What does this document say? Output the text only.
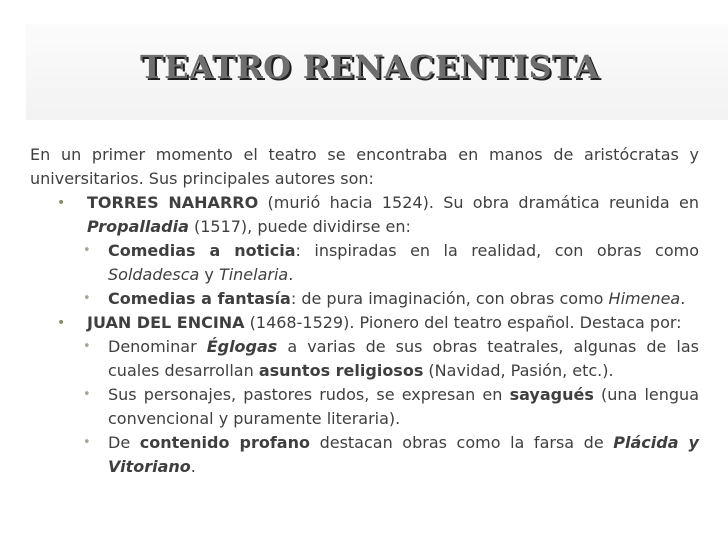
TEATRO RENACENTISTA

En un primer momento el teatro se encontraba en manos de aristócratas y universitarios. Sus principales autores son:

•	TORRES NAHARRO (murió hacia 1524). Su obra dramática reunida en Propalladia (1517), puede dividirse en:
•	Comedias a noticia: inspiradas en la realidad, con obras como Soldadesca y Tinelaria.
•	Comedias a fantasía: de pura imaginación, con obras como Himenea.
•	JUAN DEL ENCINA (1468-1529). Pionero del teatro español. Destaca por:
•	Denominar Églogas a varias de sus obras teatrales, algunas de las cuales desarrollan asuntos religiosos (Navidad, Pasión, etc.).
•	Sus personajes, pastores rudos, se expresan en sayagués (una lengua convencional y puramente literaria).
•	De contenido profano destacan obras como la farsa de Plácida y Vitoriano.
